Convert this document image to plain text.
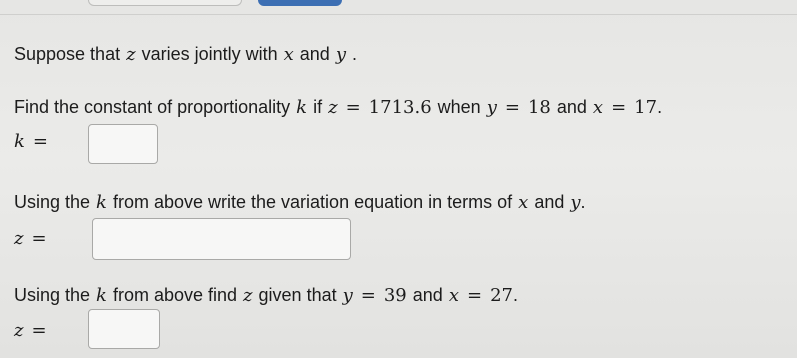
Suppose that z varies jointly with x and y .
Find the constant of proportionality k if z = 1713.6 when y = 18 and x = 17 .
k =
Using the k from above write the variation equation in terms of x and y .
z =
Using the k from above find z given that y = 39 and x = 27 .
z =
